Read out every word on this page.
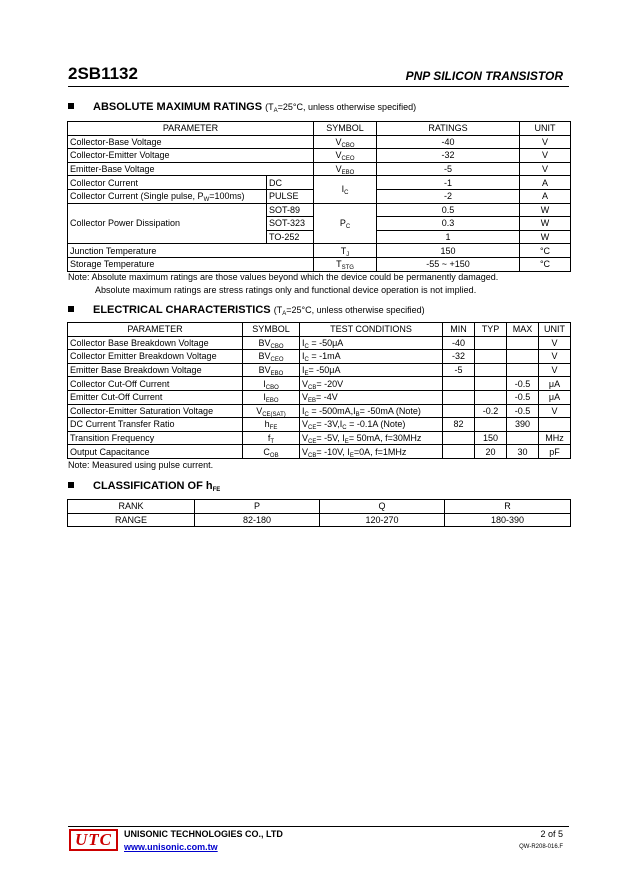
2SB1132	PNP SILICON TRANSISTOR
ABSOLUTE MAXIMUM RATINGS ($T_A=25^\circ C$, unless otherwise specified)
PARAMETER		SYMBOL	RATINGS	UNIT
Collector-Base Voltage		$V_{CBO}$	-40	V
Collector-Emitter Voltage		$V_{CEO}$	-32	V
Emitter-Base Voltage		$V_{EBO}$	-5	V
Collector Current	DC	$I_C$	-1	A
Collector Current (Single pulse, $P_W=100ms$)	PULSE		-2	A
Collector Power Dissipation	SOT-89	$P_C$	0.5	W
	SOT-323		0.3	W
	TO-252		1	W
Junction Temperature		$T_J$	150	°C
Storage Temperature		$T_{STG}$	-55 ~ +150	°C
Note: Absolute maximum ratings are those values beyond which the device could be permanently damaged.
Absolute maximum ratings are stress ratings only and functional device operation is not implied.
ELECTRICAL CHARACTERISTICS ($T_A=25^\circ C$, unless otherwise specified)
PARAMETER	SYMBOL	TEST CONDITIONS	MIN	TYP	MAX	UNIT
Collector Base Breakdown Voltage	$BV_{CBO}$	$I_C = -50\mu A$	-40			V
Collector Emitter Breakdown Voltage	$BV_{CEO}$	$I_C = -1mA$	-32			V
Emitter Base Breakdown Voltage	$BV_{EBO}$	$I_E= -50\mu A$	-5			V
Collector Cut-Off Current	$I_{CBO}$	$V_{CB}= -20V$			-0.5	μA
Emitter Cut-Off Current	$I_{EBO}$	$V_{EB}= -4V$			-0.5	μA
Collector-Emitter Saturation Voltage	$V_{CE(SAT)}$	$I_C = -500mA,I_B= -50mA$ (Note)		-0.2	-0.5	V
DC Current Transfer Ratio	$h_{FE}$	$V_{CE}= -3V,I_C = -0.1A$ (Note)	82		390	
Transition Frequency	$f_T$	$V_{CE}= -5V$, $I_E= 50mA$, f=30MHz		150		MHz
Output Capacitance	$C_{OB}$	$V_{CB}= -10V$, $I_E=0A$, f=1MHz		20	30	pF
Note: Measured using pulse current.
CLASSIFICATION OF $h_{FE}$
RANK	P	Q	R
RANGE	82-180	120-270	180-390
UTC	UNISONIC TECHNOLOGIES CO., LTD
www.unisonic.com.tw
2 of 5
QW-R208-016.F
